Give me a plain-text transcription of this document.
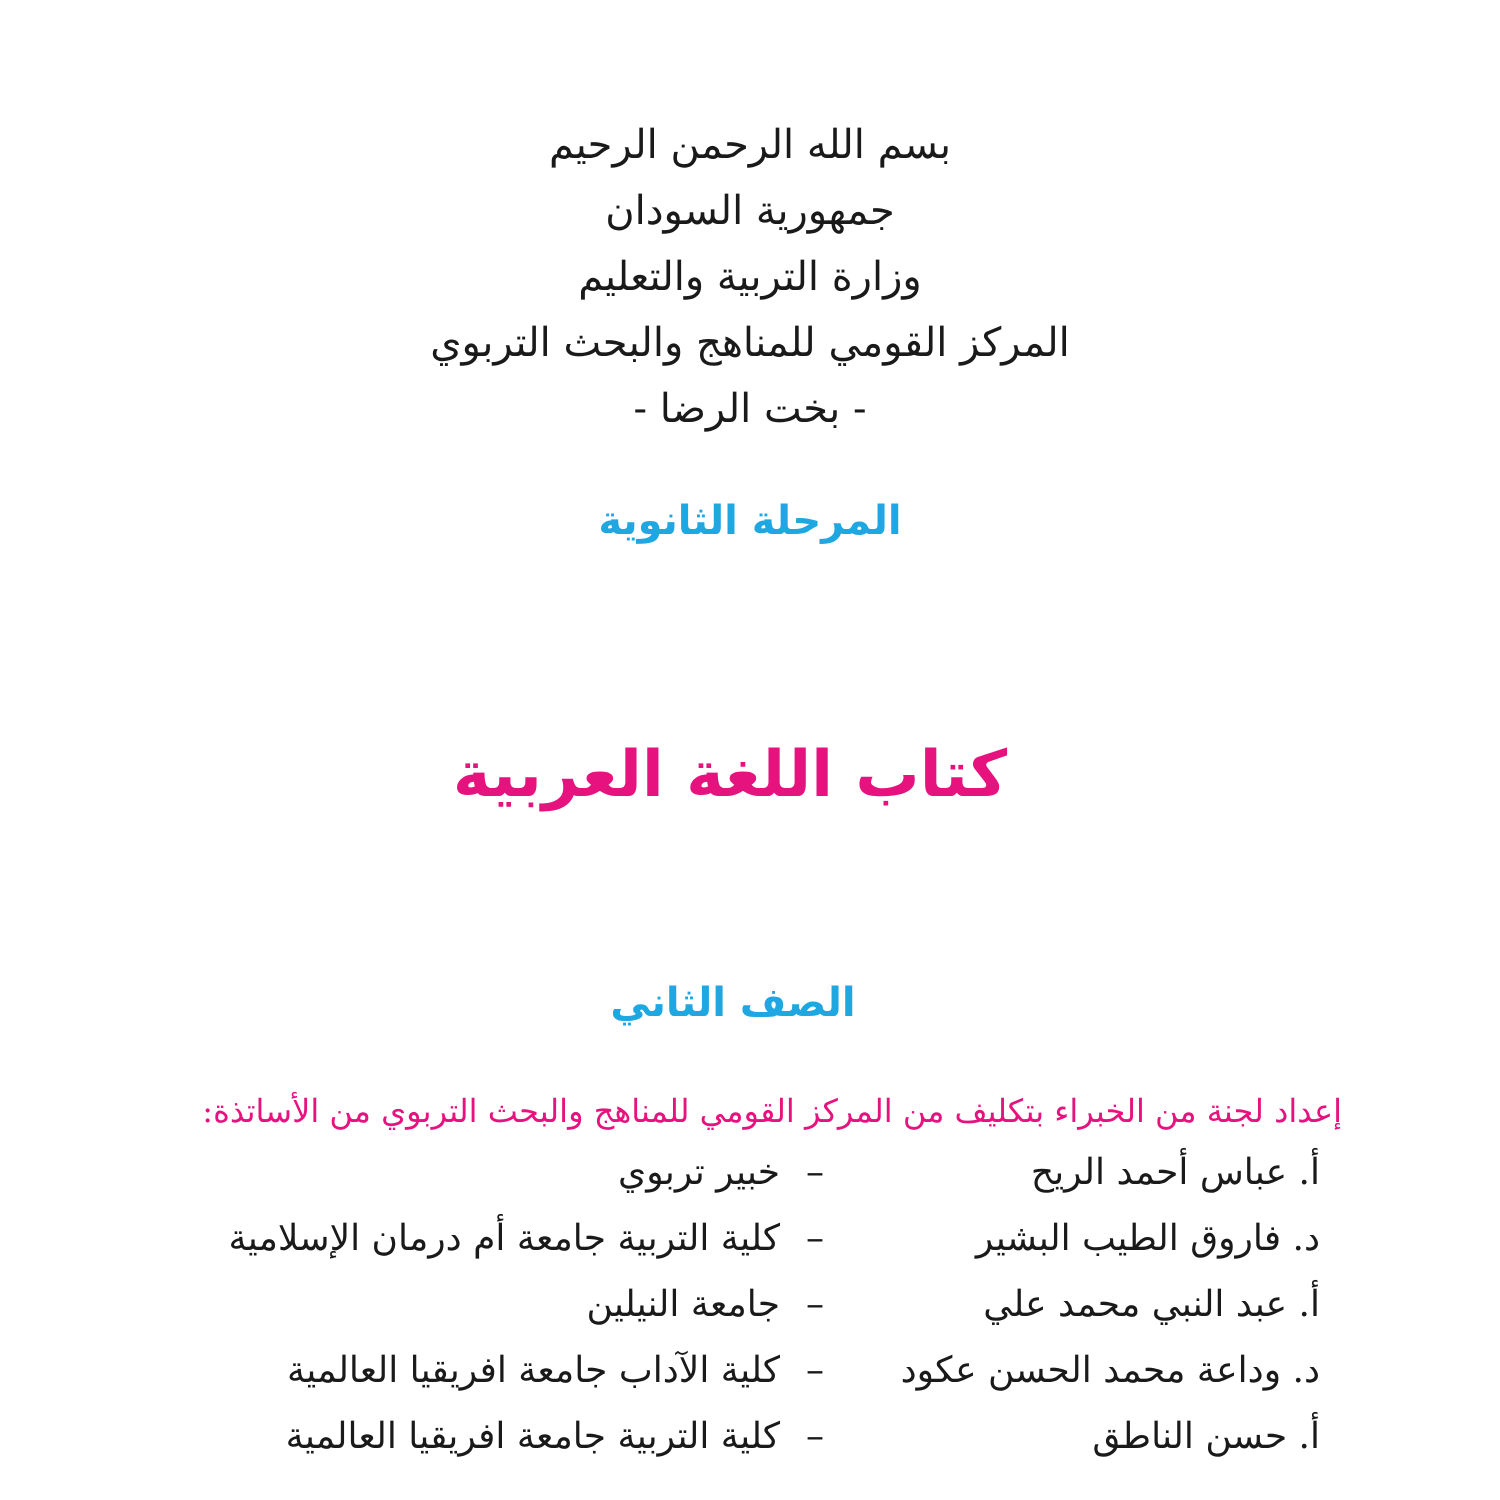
بسم الله الرحمن الرحيم

جمهورية السودان

وزارة التربية والتعليم

المركز القومي للمناهج والبحث التربوي

- بخت الرضا -

المرحلة الثانوية
كتاب اللغة العربية
الصف الثاني
إعداد لجنة من الخبراء بتكليف من المركز القومي للمناهج والبحث التربوي من الأساتذة:
أ. عباس أحمد الريح
–
خبير تربوي
د. فاروق الطيب البشير
–
كلية التربية جامعة أم درمان الإسلامية
أ. عبد النبي محمد علي
–
جامعة النيلين
د. وداعة محمد الحسن عكود
–
كلية الآداب جامعة افريقيا العالمية
أ. حسن الناطق
–
كلية التربية جامعة افريقيا العالمية
